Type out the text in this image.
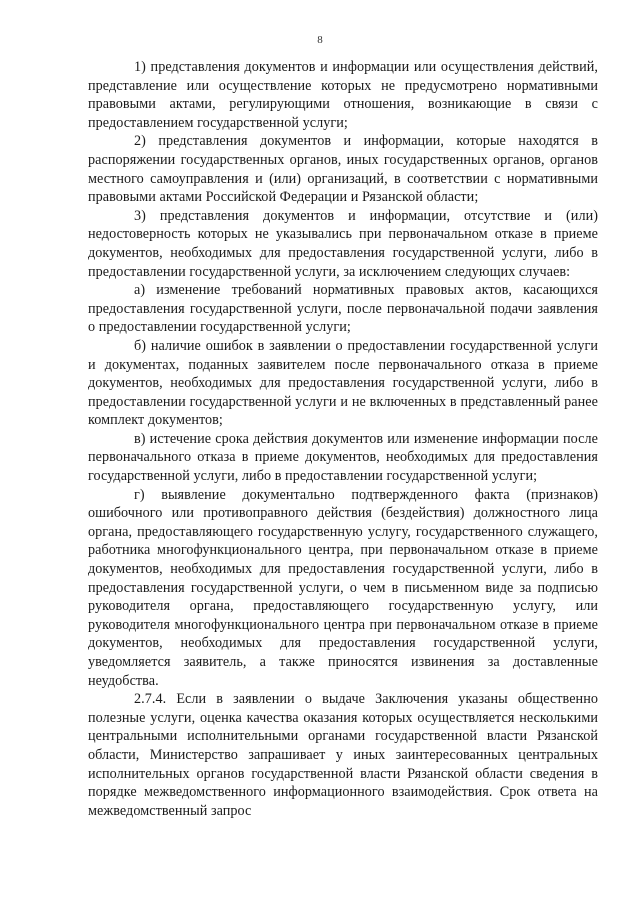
8

1) представления документов и информации или осуществления действий, представление или осуществление которых не предусмотрено нормативными правовыми актами, регулирующими отношения, возникающие в связи с предоставлением государственной услуги;

2) представления документов и информации, которые находятся в распоряжении государственных органов, иных государственных органов, органов местного самоуправления и (или) организаций, в соответствии с нормативными правовыми актами Российской Федерации и Рязанской области;

3) представления документов и информации, отсутствие и (или) недостоверность которых не указывались при первоначальном отказе в приеме документов, необходимых для предоставления государственной услуги, либо в предоставлении государственной услуги, за исключением следующих случаев:

а) изменение требований нормативных правовых актов, касающихся предоставления государственной услуги, после первоначальной подачи заявления о предоставлении государственной услуги;

б) наличие ошибок в заявлении о предоставлении государственной услуги и документах, поданных заявителем после первоначального отказа в приеме документов, необходимых для предоставления государственной услуги, либо в предоставлении государственной услуги и не включенных в представленный ранее комплект документов;

в) истечение срока действия документов или изменение информации после первоначального отказа в приеме документов, необходимых для предоставления государственной услуги, либо в предоставлении государственной услуги;

г) выявление документально подтвержденного факта (признаков) ошибочного или противоправного действия (бездействия) должностного лица органа, предоставляющего государственную услугу, государственного служащего, работника многофункционального центра, при первоначальном отказе в приеме документов, необходимых для предоставления государственной услуги, либо в предоставления государственной услуги, о чем в письменном виде за подписью руководителя органа, предоставляющего государственную услугу, или руководителя многофункционального центра при первоначальном отказе в приеме документов, необходимых для предоставления государственной услуги, уведомляется заявитель, а также приносятся извинения за доставленные неудобства.

2.7.4. Если в заявлении о выдаче Заключения указаны общественно полезные услуги, оценка качества оказания которых осуществляется несколькими центральными исполнительными органами государственной власти Рязанской области, Министерство запрашивает у иных заинтересованных центральных исполнительных органов государственной власти Рязанской области сведения в порядке межведомственного информационного взаимодействия. Срок ответа на межведомственный запрос
